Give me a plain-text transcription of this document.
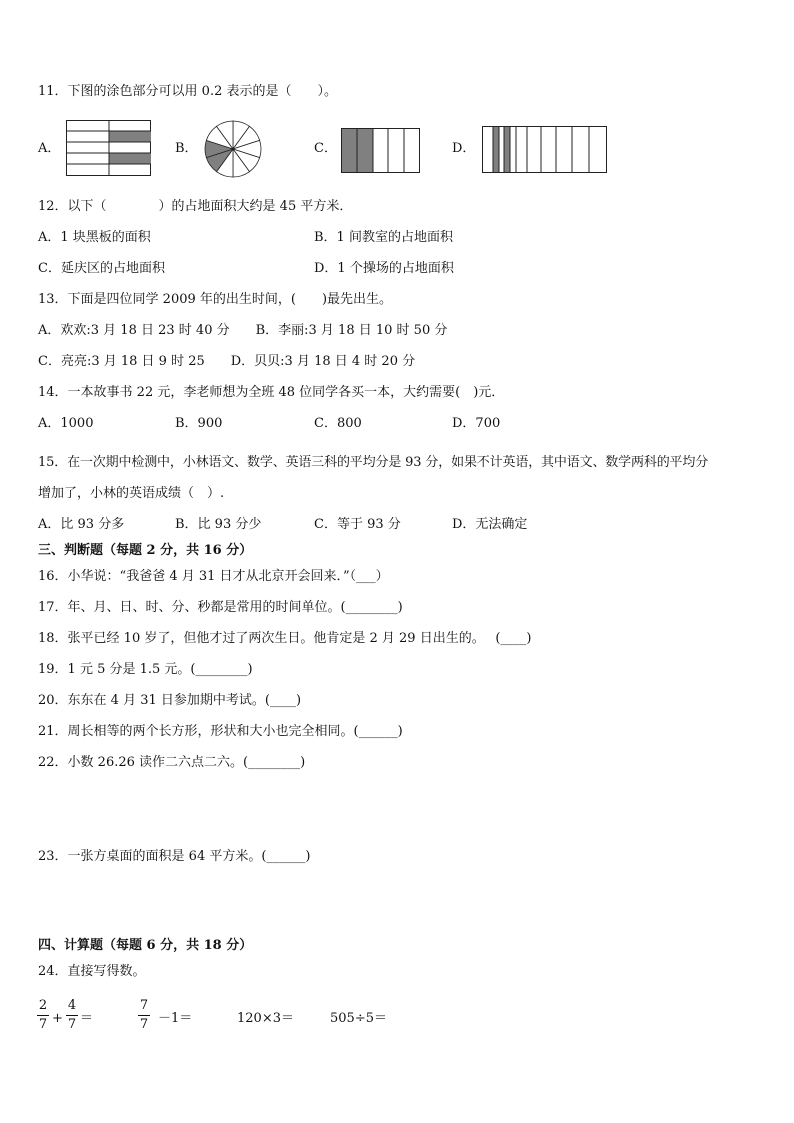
11．下图的涂色部分可以用 0.2 表示的是（　　）。
A．	B．	C．	D．
12．以下（　　　　）的占地面积大约是 45 平方米．
A．1 块黑板的面积	B．1 间教室的占地面积
C．延庆区的占地面积	D．1 个操场的占地面积
13．下面是四位同学 2009 年的出生时间，(　　)最先出生。
A．欢欢:3 月 18 日 23 时 40 分　　B．李丽:3 月 18 日 10 时 50 分
C．亮亮:3 月 18 日 9 时 25　　D．贝贝:3 月 18 日 4 时 20 分
14．一本故事书 22 元，李老师想为全班 48 位同学各买一本，大约需要(　)元．
A．1000	B．900	C．800	D．700
15．在一次期中检测中，小林语文、数学、英语三科的平均分是 93 分，如果不计英语，其中语文、数学两科的平均分
增加了，小林的英语成绩（　）.
A．比 93 分多	B．比 93 分少	C．等于 93 分	D．无法确定
三、判断题（每题 2 分，共 16 分）
16．小华说：“我爸爸 4 月 31 日才从北京开会回来．”（___）
17．年、月、日、时、分、秒都是常用的时间单位。(________)
18．张平已经 10 岁了，但他才过了两次生日。他肯定是 2 月 29 日出生的。　 (____)
19．1 元 5 分是 1.5 元。(________)
20．东东在 4 月 31 日参加期中考试。(____)
21．周长相等的两个长方形，形状和大小也完全相同。(______)
22．小数 26.26 读作二六点二六。(________)
23．一张方桌面的面积是 64 平方米。(______)
四、计算题（每题 6 分，共 18 分）
24．直接写得数。
2
7 +
4
7 ＝
7
7 －1＝	120×3＝	505÷5＝
